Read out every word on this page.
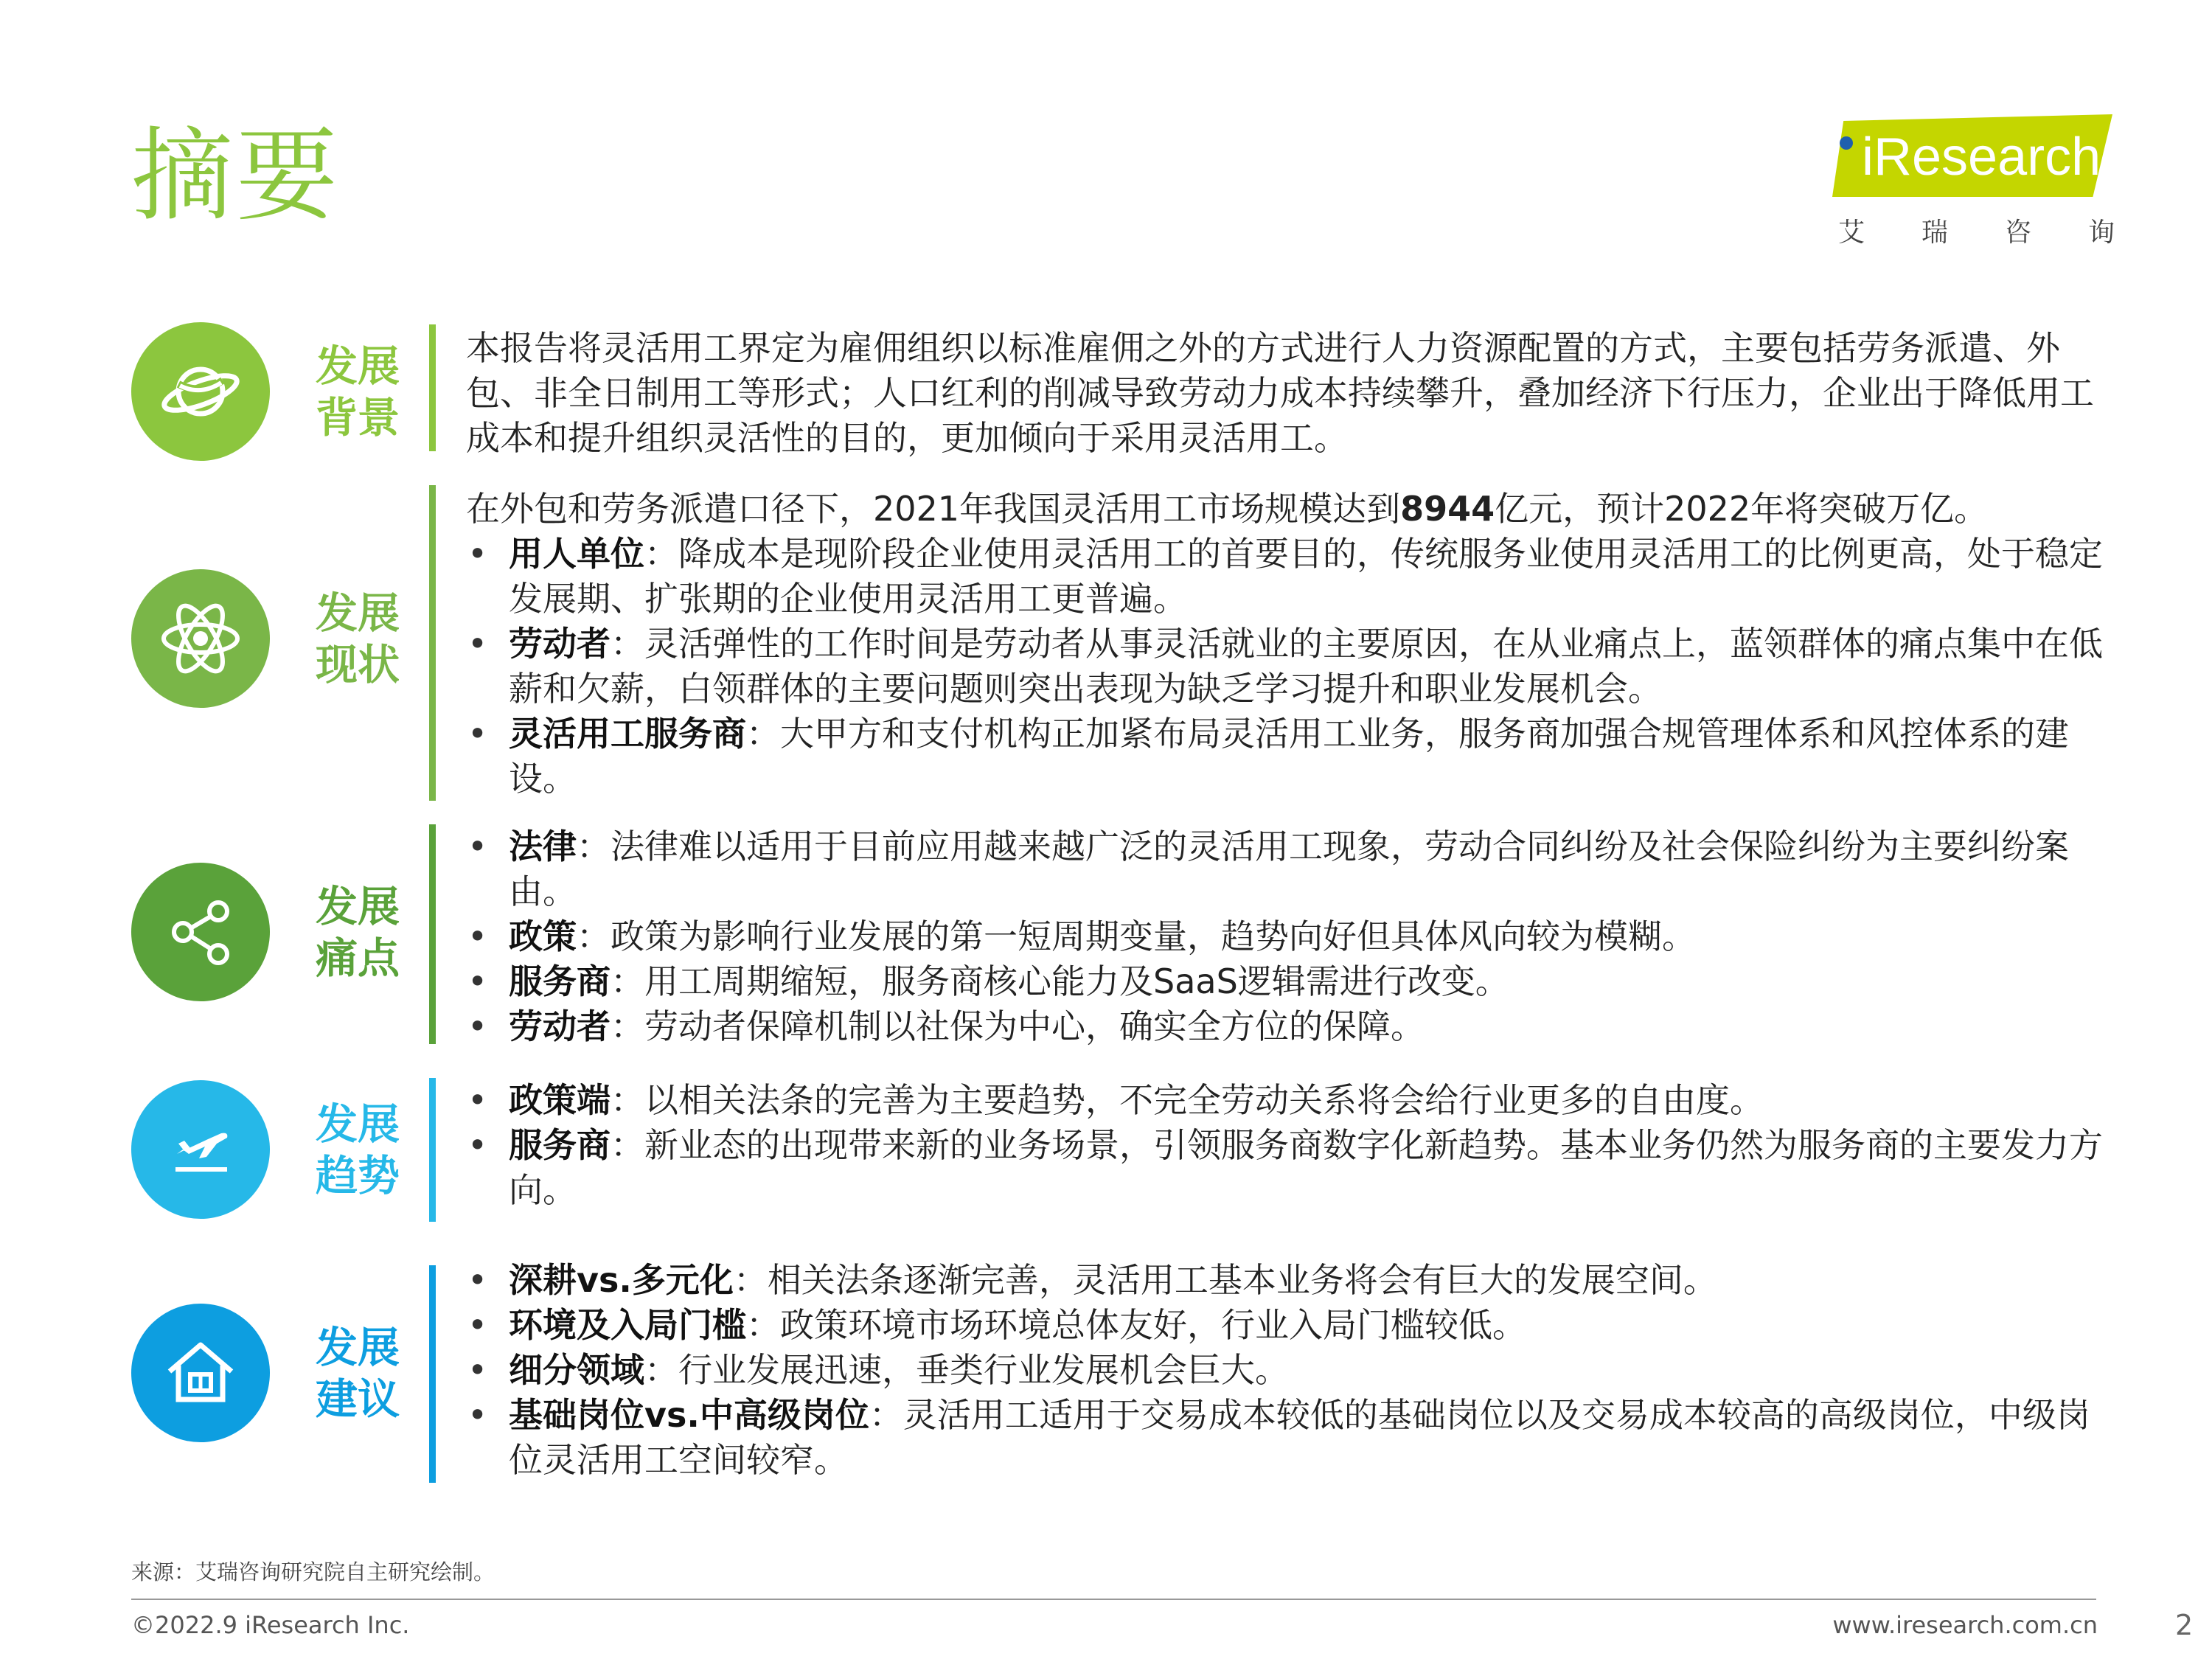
摘要	iResearch
艾 瑞 咨 询
发展
背景

本报告将灵活用工界定为雇佣组织以标准雇佣之外的方式进行人力资源配置的方式，主要包括劳务派遣、外包、非全日制用工等形式；人口红利的削减导致劳动力成本持续攀升，叠加经济下行压力，企业出于降低用工成本和提升组织灵活性的目的，更加倾向于采用灵活用工。

发展
现状

在外包和劳务派遣口径下，2021年我国灵活用工市场规模达到8944亿元，预计2022年将突破万亿。

• 用人单位：降成本是现阶段企业使用灵活用工的首要目的，传统服务业使用灵活用工的比例更高，处于稳定发展期、扩张期的企业使用灵活用工更普遍。

• 劳动者：灵活弹性的工作时间是劳动者从事灵活就业的主要原因，在从业痛点上，蓝领群体的痛点集中在低薪和欠薪，白领群体的主要问题则突出表现为缺乏学习提升和职业发展机会。

• 灵活用工服务商：大甲方和支付机构正加紧布局灵活用工业务，服务商加强合规管理体系和风控体系的建设。

发展
痛点

• 法律：法律难以适用于目前应用越来越广泛的灵活用工现象，劳动合同纠纷及社会保险纠纷为主要纠纷案由。

• 政策：政策为影响行业发展的第一短周期变量，趋势向好但具体风向较为模糊。

• 服务商：用工周期缩短，服务商核心能力及SaaS逻辑需进行改变。

• 劳动者：劳动者保障机制以社保为中心，确实全方位的保障。

发展
趋势

• 政策端：以相关法条的完善为主要趋势，不完全劳动关系将会给行业更多的自由度。

• 服务商：新业态的出现带来新的业务场景，引领服务商数字化新趋势。基本业务仍然为服务商的主要发力方向。

发展
建议

• 深耕vs.多元化：相关法条逐渐完善，灵活用工基本业务将会有巨大的发展空间。

• 环境及入局门槛：政策环境市场环境总体友好，行业入局门槛较低。

• 细分领域：行业发展迅速，垂类行业发展机会巨大。

• 基础岗位vs.中高级岗位：灵活用工适用于交易成本较低的基础岗位以及交易成本较高的高级岗位，中级岗位灵活用工空间较窄。

来源：艾瑞咨询研究院自主研究绘制。
©2022.9 iResearch Inc.	www.iresearch.com.cn	2
